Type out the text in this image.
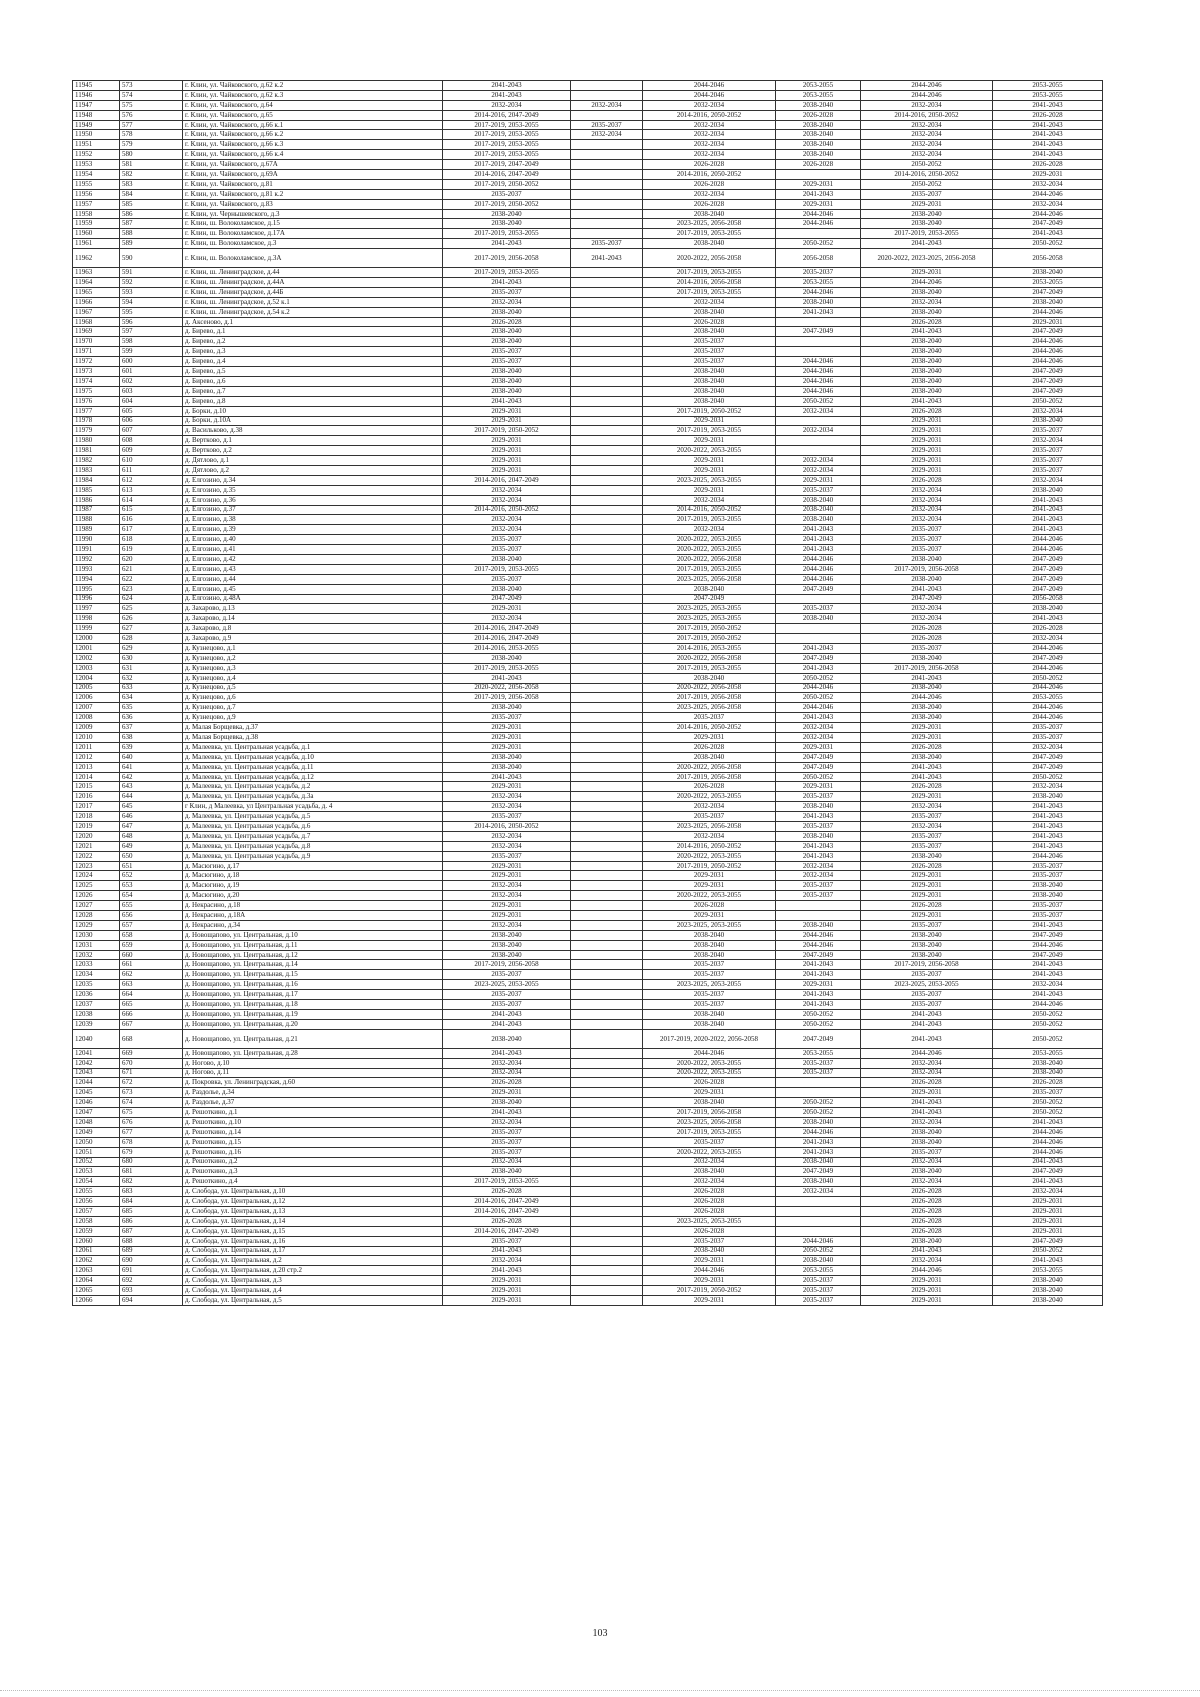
11945	573	г. Клин, ул. Чайковского, д.62 к.2	2041-2043		2044-2046	2053-2055	2044-2046	2053-2055
11946	574	г. Клин, ул. Чайковского, д.62 к.3	2041-2043		2044-2046	2053-2055	2044-2046	2053-2055
11947	575	г. Клин, ул. Чайковского, д.64	2032-2034	2032-2034	2032-2034	2038-2040	2032-2034	2041-2043
11948	576	г. Клин, ул. Чайковского, д.65	2014-2016, 2047-2049		2014-2016, 2050-2052	2026-2028	2014-2016, 2050-2052	2026-2028
11949	577	г. Клин, ул. Чайковского, д.66 к.1	2017-2019, 2053-2055	2035-2037	2032-2034	2038-2040	2032-2034	2041-2043
11950	578	г. Клин, ул. Чайковского, д.66 к.2	2017-2019, 2053-2055	2032-2034	2032-2034	2038-2040	2032-2034	2041-2043
11951	579	г. Клин, ул. Чайковского, д.66 к.3	2017-2019, 2053-2055		2032-2034	2038-2040	2032-2034	2041-2043
11952	580	г. Клин, ул. Чайковского, д.66 к.4	2017-2019, 2053-2055		2032-2034	2038-2040	2032-2034	2041-2043
11953	581	г. Клин, ул. Чайковского, д.67А	2017-2019, 2047-2049		2026-2028	2026-2028	2050-2052	2026-2028
11954	582	г. Клин, ул. Чайковского, д.69А	2014-2016, 2047-2049		2014-2016, 2050-2052		2014-2016, 2050-2052	2029-2031
11955	583	г. Клин, ул. Чайковского, д.81	2017-2019, 2050-2052		2026-2028	2029-2031	2050-2052	2032-2034
11956	584	г. Клин, ул. Чайковского, д.81 к.2	2035-2037		2032-2034	2041-2043	2035-2037	2044-2046
11957	585	г. Клин, ул. Чайковского, д.83	2017-2019, 2050-2052		2026-2028	2029-2031	2029-2031	2032-2034
11958	586	г. Клин, ул. Чернышевского, д.3	2038-2040		2038-2040	2044-2046	2038-2040	2044-2046
11959	587	г. Клин, ш. Волоколамское, д.15	2038-2040		2023-2025, 2056-2058	2044-2046	2038-2040	2047-2049
11960	588	г. Клин, ш. Волоколамское, д.17А	2017-2019, 2053-2055		2017-2019, 2053-2055		2017-2019, 2053-2055	2041-2043
11961	589	г. Клин, ш. Волоколамское, д.3	2041-2043	2035-2037	2038-2040	2050-2052	2041-2043	2050-2052
11962	590	г. Клин, ш. Волоколамское, д.3А	2017-2019, 2056-2058	2041-2043	2020-2022, 2056-2058	2056-2058	2020-2022, 2023-2025, 2056-2058	2056-2058
11963	591	г. Клин, ш. Ленинградское, д.44	2017-2019, 2053-2055		2017-2019, 2053-2055	2035-2037	2029-2031	2038-2040
11964	592	г. Клин, ш. Ленинградское, д.44А	2041-2043		2014-2016, 2056-2058	2053-2055	2044-2046	2053-2055
11965	593	г. Клин, ш. Ленинградское, д.44Б	2035-2037		2017-2019, 2053-2055	2044-2046	2038-2040	2047-2049
11966	594	г. Клин, ш. Ленинградское, д.52 к.1	2032-2034		2032-2034	2038-2040	2032-2034	2038-2040
11967	595	г. Клин, ш. Ленинградское, д.54 к.2	2038-2040		2038-2040	2041-2043	2038-2040	2044-2046
11968	596	д. Аксеново, д.1	2026-2028		2026-2028		2026-2028	2029-2031
11969	597	д. Бирево, д.1	2038-2040		2038-2040	2047-2049	2041-2043	2047-2049
11970	598	д. Бирево, д.2	2038-2040		2035-2037		2038-2040	2044-2046
11971	599	д. Бирево, д.3	2035-2037		2035-2037		2038-2040	2044-2046
11972	600	д. Бирево, д.4	2035-2037		2035-2037	2044-2046	2038-2040	2044-2046
11973	601	д. Бирево, д.5	2038-2040		2038-2040	2044-2046	2038-2040	2047-2049
11974	602	д. Бирево, д.6	2038-2040		2038-2040	2044-2046	2038-2040	2047-2049
11975	603	д. Бирево, д.7	2038-2040		2038-2040	2044-2046	2038-2040	2047-2049
11976	604	д. Бирево, д.8	2041-2043		2038-2040	2050-2052	2041-2043	2050-2052
11977	605	д. Борки, д.10	2029-2031		2017-2019, 2050-2052	2032-2034	2026-2028	2032-2034
11978	606	д. Борки, д.10А	2029-2031		2029-2031		2029-2031	2038-2040
11979	607	д. Васильково, д.38	2017-2019, 2050-2052		2017-2019, 2053-2055	2032-2034	2029-2031	2035-2037
11980	608	д. Вертково, д.1	2029-2031		2029-2031		2029-2031	2032-2034
11981	609	д. Вертково, д.2	2029-2031		2020-2022, 2053-2055		2029-2031	2035-2037
11982	610	д. Дятлово, д.1	2029-2031		2029-2031	2032-2034	2029-2031	2035-2037
11983	611	д. Дятлово, д.2	2029-2031		2029-2031	2032-2034	2029-2031	2035-2037
11984	612	д. Елгозино, д.34	2014-2016, 2047-2049		2023-2025, 2053-2055	2029-2031	2026-2028	2032-2034
11985	613	д. Елгозино, д.35	2032-2034		2029-2031	2035-2037	2032-2034	2038-2040
11986	614	д. Елгозино, д.36	2032-2034		2032-2034	2038-2040	2032-2034	2041-2043
11987	615	д. Елгозино, д.37	2014-2016, 2050-2052		2014-2016, 2050-2052	2038-2040	2032-2034	2041-2043
11988	616	д. Елгозино, д.38	2032-2034		2017-2019, 2053-2055	2038-2040	2032-2034	2041-2043
11989	617	д. Елгозино, д.39	2032-2034		2032-2034	2041-2043	2035-2037	2041-2043
11990	618	д. Елгозино, д.40	2035-2037		2020-2022, 2053-2055	2041-2043	2035-2037	2044-2046
11991	619	д. Елгозино, д.41	2035-2037		2020-2022, 2053-2055	2041-2043	2035-2037	2044-2046
11992	620	д. Елгозино, д.42	2038-2040		2020-2022, 2056-2058	2044-2046	2038-2040	2047-2049
11993	621	д. Елгозино, д.43	2017-2019, 2053-2055		2017-2019, 2053-2055	2044-2046	2017-2019, 2056-2058	2047-2049
11994	622	д. Елгозино, д.44	2035-2037		2023-2025, 2056-2058	2044-2046	2038-2040	2047-2049
11995	623	д. Елгозино, д.45	2038-2040		2038-2040	2047-2049	2041-2043	2047-2049
11996	624	д. Елгозино, д.48А	2047-2049		2047-2049		2047-2049	2056-2058
11997	625	д. Захарово, д.13	2029-2031		2023-2025, 2053-2055	2035-2037	2032-2034	2038-2040
11998	626	д. Захарово, д.14	2032-2034		2023-2025, 2053-2055	2038-2040	2032-2034	2041-2043
11999	627	д. Захарово, д.8	2014-2016, 2047-2049		2017-2019, 2050-2052		2026-2028	2026-2028
12000	628	д. Захарово, д.9	2014-2016, 2047-2049		2017-2019, 2050-2052		2026-2028	2032-2034
12001	629	д. Кузнецово, д.1	2014-2016, 2053-2055		2014-2016, 2053-2055	2041-2043	2035-2037	2044-2046
12002	630	д. Кузнецово, д.2	2038-2040		2020-2022, 2056-2058	2047-2049	2038-2040	2047-2049
12003	631	д. Кузнецово, д.3	2017-2019, 2053-2055		2017-2019, 2053-2055	2041-2043	2017-2019, 2056-2058	2044-2046
12004	632	д. Кузнецово, д.4	2041-2043		2038-2040	2050-2052	2041-2043	2050-2052
12005	633	д. Кузнецово, д.5	2020-2022, 2056-2058		2020-2022, 2056-2058	2044-2046	2038-2040	2044-2046
12006	634	д. Кузнецово, д.6	2017-2019, 2056-2058		2017-2019, 2056-2058	2050-2052	2044-2046	2053-2055
12007	635	д. Кузнецово, д.7	2038-2040		2023-2025, 2056-2058	2044-2046	2038-2040	2044-2046
12008	636	д. Кузнецово, д.9	2035-2037		2035-2037	2041-2043	2038-2040	2044-2046
12009	637	д. Малая Борщевка, д.37	2029-2031		2014-2016, 2050-2052	2032-2034	2029-2031	2035-2037
12010	638	д. Малая Борщевка, д.38	2029-2031		2029-2031	2032-2034	2029-2031	2035-2037
12011	639	д. Малеевка, ул. Центральная усадьба, д.1	2029-2031		2026-2028	2029-2031	2026-2028	2032-2034
12012	640	д. Малеевка, ул. Центральная усадьба, д.10	2038-2040		2038-2040	2047-2049	2038-2040	2047-2049
12013	641	д. Малеевка, ул. Центральная усадьба, д.11	2038-2040		2020-2022, 2056-2058	2047-2049	2041-2043	2047-2049
12014	642	д. Малеевка, ул. Центральная усадьба, д.12	2041-2043		2017-2019, 2056-2058	2050-2052	2041-2043	2050-2052
12015	643	д. Малеевка, ул. Центральная усадьба, д.2	2029-2031		2026-2028	2029-2031	2026-2028	2032-2034
12016	644	д. Малеевка, ул. Центральная усадьба, д.3а	2032-2034		2020-2022, 2053-2055	2035-2037	2029-2031	2038-2040
12017	645	г Клин, д Малеевка, ул Центральная усадьба, д. 4	2032-2034		2032-2034	2038-2040	2032-2034	2041-2043
12018	646	д. Малеевка, ул. Центральная усадьба, д.5	2035-2037		2035-2037	2041-2043	2035-2037	2041-2043
12019	647	д. Малеевка, ул. Центральная усадьба, д.6	2014-2016, 2050-2052		2023-2025, 2056-2058	2035-2037	2032-2034	2041-2043
12020	648	д. Малеевка, ул. Центральная усадьба, д.7	2032-2034		2032-2034	2038-2040	2035-2037	2041-2043
12021	649	д. Малеевка, ул. Центральная усадьба, д.8	2032-2034		2014-2016, 2050-2052	2041-2043	2035-2037	2041-2043
12022	650	д. Малеевка, ул. Центральная усадьба, д.9	2035-2037		2020-2022, 2053-2055	2041-2043	2038-2040	2044-2046
12023	651	д. Масюгино, д.17	2029-2031		2017-2019, 2050-2052	2032-2034	2026-2028	2035-2037
12024	652	д. Масюгино, д.18	2029-2031		2029-2031	2032-2034	2029-2031	2035-2037
12025	653	д. Масюгино, д.19	2032-2034		2029-2031	2035-2037	2029-2031	2038-2040
12026	654	д. Масюгино, д.20	2032-2034		2020-2022, 2053-2055	2035-2037	2029-2031	2038-2040
12027	655	д. Некрасино, д.18	2029-2031		2026-2028		2026-2028	2035-2037
12028	656	д. Некрасино, д.18А	2029-2031		2029-2031		2029-2031	2035-2037
12029	657	д. Некрасино, д.34	2032-2034		2023-2025, 2053-2055	2038-2040	2035-2037	2041-2043
12030	658	д. Новощапово, ул. Центральная, д.10	2038-2040		2038-2040	2044-2046	2038-2040	2047-2049
12031	659	д. Новощапово, ул. Центральная, д.11	2038-2040		2038-2040	2044-2046	2038-2040	2044-2046
12032	660	д. Новощапово, ул. Центральная, д.12	2038-2040		2038-2040	2047-2049	2038-2040	2047-2049
12033	661	д. Новощапово, ул. Центральная, д.14	2017-2019, 2056-2058		2035-2037	2041-2043	2017-2019, 2056-2058	2041-2043
12034	662	д. Новощапово, ул. Центральная, д.15	2035-2037		2035-2037	2041-2043	2035-2037	2041-2043
12035	663	д. Новощапово, ул. Центральная, д.16	2023-2025, 2053-2055		2023-2025, 2053-2055	2029-2031	2023-2025, 2053-2055	2032-2034
12036	664	д. Новощапово, ул. Центральная, д.17	2035-2037		2035-2037	2041-2043	2035-2037	2041-2043
12037	665	д. Новощапово, ул. Центральная, д.18	2035-2037		2035-2037	2041-2043	2035-2037	2044-2046
12038	666	д. Новощапово, ул. Центральная, д.19	2041-2043		2038-2040	2050-2052	2041-2043	2050-2052
12039	667	д. Новощапово, ул. Центральная, д.20	2041-2043		2038-2040	2050-2052	2041-2043	2050-2052
12040	668	д. Новощапово, ул. Центральная, д.21	2038-2040		2017-2019, 2020-2022, 2056-2058	2047-2049	2041-2043	2050-2052
12041	669	д. Новощапово, ул. Центральная, д.28	2041-2043		2044-2046	2053-2055	2044-2046	2053-2055
12042	670	д. Ногово, д.10	2032-2034		2020-2022, 2053-2055	2035-2037	2032-2034	2038-2040
12043	671	д. Ногово, д.11	2032-2034		2020-2022, 2053-2055	2035-2037	2032-2034	2038-2040
12044	672	д. Покровка, ул. Ленинградская, д.60	2026-2028		2026-2028		2026-2028	2026-2028
12045	673	д. Раздолье, д.34	2029-2031		2029-2031		2029-2031	2035-2037
12046	674	д. Раздолье, д.37	2038-2040		2038-2040	2050-2052	2041-2043	2050-2052
12047	675	д. Решоткино, д.1	2041-2043		2017-2019, 2056-2058	2050-2052	2041-2043	2050-2052
12048	676	д. Решоткино, д.10	2032-2034		2023-2025, 2056-2058	2038-2040	2032-2034	2041-2043
12049	677	д. Решоткино, д.14	2035-2037		2017-2019, 2053-2055	2044-2046	2038-2040	2044-2046
12050	678	д. Решоткино, д.15	2035-2037		2035-2037	2041-2043	2038-2040	2044-2046
12051	679	д. Решоткино, д.16	2035-2037		2020-2022, 2053-2055	2041-2043	2035-2037	2044-2046
12052	680	д. Решоткино, д.2	2032-2034		2032-2034	2038-2040	2032-2034	2041-2043
12053	681	д. Решоткино, д.3	2038-2040		2038-2040	2047-2049	2038-2040	2047-2049
12054	682	д. Решоткино, д.4	2017-2019, 2053-2055		2032-2034	2038-2040	2032-2034	2041-2043
12055	683	д. Слобода, ул. Центральная, д.10	2026-2028		2026-2028	2032-2034	2026-2028	2032-2034
12056	684	д. Слобода, ул. Центральная, д.12	2014-2016, 2047-2049		2026-2028		2026-2028	2029-2031
12057	685	д. Слобода, ул. Центральная, д.13	2014-2016, 2047-2049		2026-2028		2026-2028	2029-2031
12058	686	д. Слобода, ул. Центральная, д.14	2026-2028		2023-2025, 2053-2055		2026-2028	2029-2031
12059	687	д. Слобода, ул. Центральная, д.15	2014-2016, 2047-2049		2026-2028		2026-2028	2029-2031
12060	688	д. Слобода, ул. Центральная, д.16	2035-2037		2035-2037	2044-2046	2038-2040	2047-2049
12061	689	д. Слобода, ул. Центральная, д.17	2041-2043		2038-2040	2050-2052	2041-2043	2050-2052
12062	690	д. Слобода, ул. Центральная, д.2	2032-2034		2029-2031	2038-2040	2032-2034	2041-2043
12063	691	д. Слобода, ул. Центральная, д.20 стр.2	2041-2043		2044-2046	2053-2055	2044-2046	2053-2055
12064	692	д. Слобода, ул. Центральная, д.3	2029-2031		2029-2031	2035-2037	2029-2031	2038-2040
12065	693	д. Слобода, ул. Центральная, д.4	2029-2031		2017-2019, 2050-2052	2035-2037	2029-2031	2038-2040
12066	694	д. Слобода, ул. Центральная, д.5	2029-2031		2029-2031	2035-2037	2029-2031	2038-2040
103
